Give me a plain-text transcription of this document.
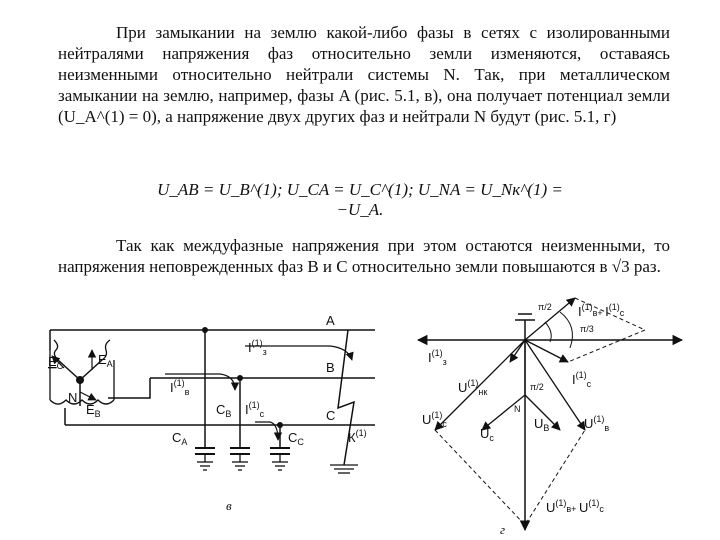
При замыкании на землю какой-либо фазы в сетях с изолированными нейтралями напряжения фаз относительно земли изменяются, оставаясь неизменными относительно нейтрали системы N. Так, при металлическом замыкании на землю, например, фазы A (рис. 5.1, в), она получает потенциал земли (U_A^(1) = 0), а напряжение двух других фаз и нейтрали N будут (рис. 5.1, г)

U_AB = U_B^(1); U_CA = U_C^(1); U_NA = U_Nк^(1) = −U_A.

Так как междуфазные напряжения при этом остаются неизменными, то напряжения неповрежденных фаз B и C относительно земли повышаются в √3 раз.

$E_C$	$E_A$
N
$E_B$
A
B
C
$I^{(1)}_з$
$I^{(1)}_в$
$C_В$ $I^{(1)}_с$
$C_А$	$C_С$	$К^{(1)}$
в
$I^{(1)}_{в+}$ $I^{(1)}_с$
π/2
π/3
$I^{(1)}_з$
$I^{(1)}_с$
π/2
$U^{(1)}_{нк}$
N
$U^{(1)}_с$
$U_с$
$U_В$	$U^{(1)}_в$
$U^{(1)}_{в+}$ $U^{(1)}_с$
г
